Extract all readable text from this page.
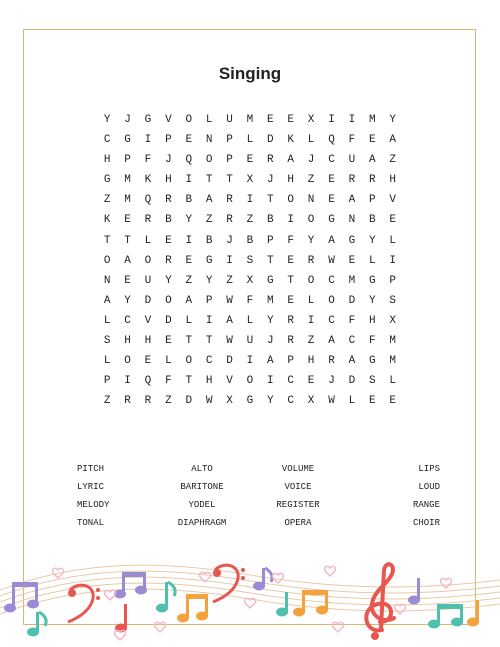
Singing
Y	J	G	V	O	L	U	M	E	E	X	I	I	M	Y
C	G	I	P	E	N	P	L	D	K	L	Q	F	E	A
H	P	F	J	Q	O	P	E	R	A	J	C	U	A	Z
G	M	K	H	I	T	T	X	J	H	Z	E	R	R	H
Z	M	Q	R	B	A	R	I	T	O	N	E	A	P	V
K	E	R	B	Y	Z	R	Z	B	I	O	G	N	B	E
T	T	L	E	I	B	J	B	P	F	Y	A	G	Y	L
O	A	O	R	E	G	I	S	T	E	R	W	E	L	I
N	E	U	Y	Z	Y	Z	X	G	T	O	C	M	G	P
A	Y	D	O	A	P	W	F	M	E	L	O	D	Y	S
L	C	V	D	L	I	A	L	Y	R	I	C	F	H	X
S	H	H	E	T	T	W	U	J	R	Z	A	C	F	M
L	O	E	L	O	C	D	I	A	P	H	R	A	G	M
P	I	Q	F	T	H	V	O	I	C	E	J	D	S	L
Z	R	R	Z	D	W	X	G	Y	C	X	W	L	E	E
PITCH	ALTO	VOLUME	LIPS
LYRIC	BARITONE	VOICE	LOUD
MELODY	YODEL	REGISTER	RANGE
TONAL	DIAPHRAGM	OPERA	CHOIR
